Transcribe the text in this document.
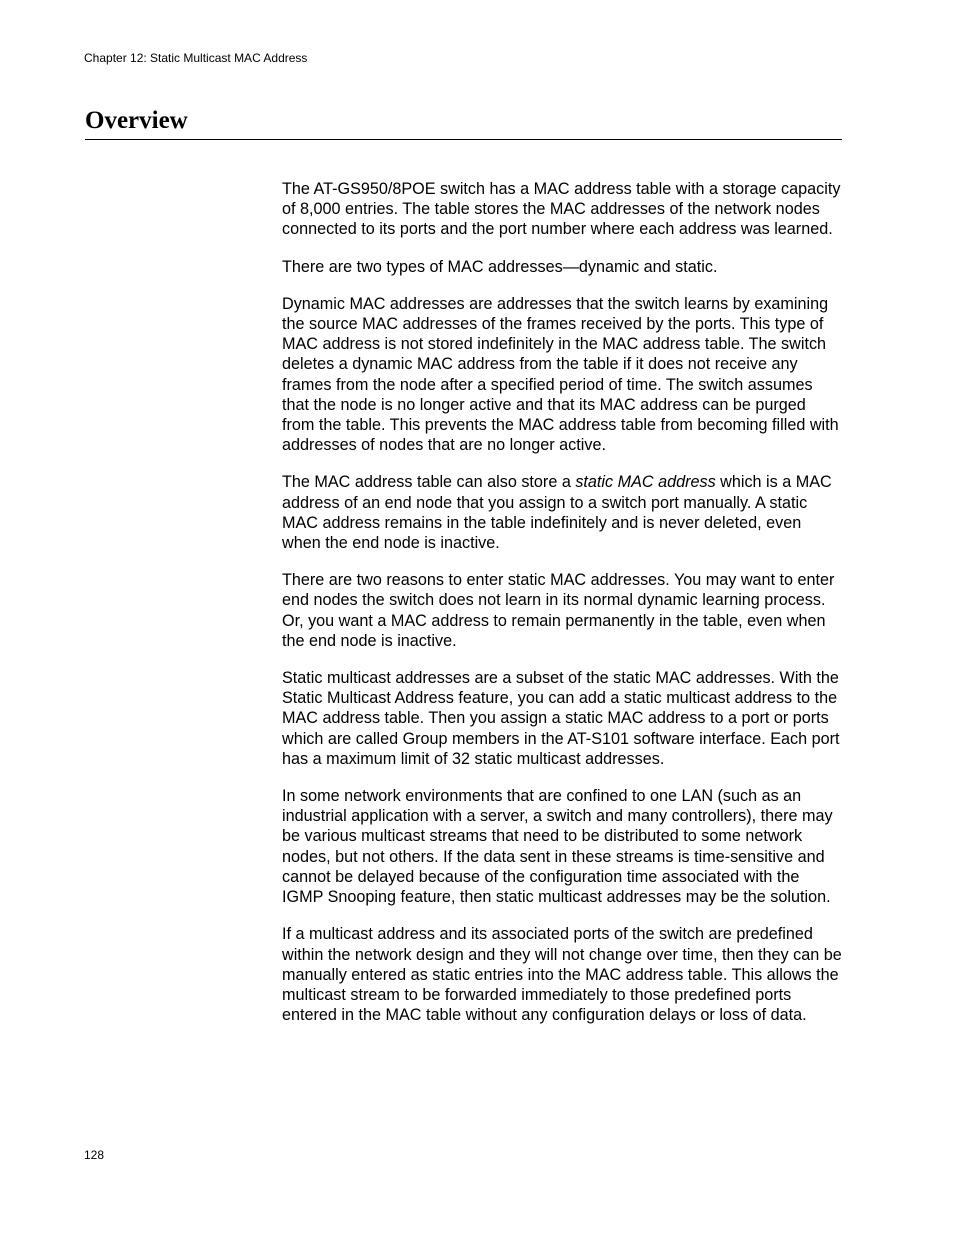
Chapter 12: Static Multicast MAC Address
Overview

The AT-GS950/8POE switch has a MAC address table with a storage capacity of 8,000 entries. The table stores the MAC addresses of the network nodes connected to its ports and the port number where each address was learned.

There are two types of MAC addresses—dynamic and static.

Dynamic MAC addresses are addresses that the switch learns by examining the source MAC addresses of the frames received by the ports. This type of MAC address is not stored indefinitely in the MAC address table. The switch deletes a dynamic MAC address from the table if it does not receive any frames from the node after a specified period of time. The switch assumes that the node is no longer active and that its MAC address can be purged from the table. This prevents the MAC address table from becoming filled with addresses of nodes that are no longer active.

The MAC address table can also store a static MAC address which is a MAC address of an end node that you assign to a switch port manually. A static MAC address remains in the table indefinitely and is never deleted, even when the end node is inactive.

There are two reasons to enter static MAC addresses. You may want to enter end nodes the switch does not learn in its normal dynamic learning process. Or, you want a MAC address to remain permanently in the table, even when the end node is inactive.

Static multicast addresses are a subset of the static MAC addresses. With the Static Multicast Address feature, you can add a static multicast address to the MAC address table. Then you assign a static MAC address to a port or ports which are called Group members in the AT-S101 software interface. Each port has a maximum limit of 32 static multicast addresses.

In some network environments that are confined to one LAN (such as an industrial application with a server, a switch and many controllers), there may be various multicast streams that need to be distributed to some network nodes, but not others. If the data sent in these streams is time-sensitive and cannot be delayed because of the configuration time associated with the IGMP Snooping feature, then static multicast addresses may be the solution.

If a multicast address and its associated ports of the switch are predefined within the network design and they will not change over time, then they can be manually entered as static entries into the MAC address table. This allows the multicast stream to be forwarded immediately to those predefined ports entered in the MAC table without any configuration delays or loss of data.

128
